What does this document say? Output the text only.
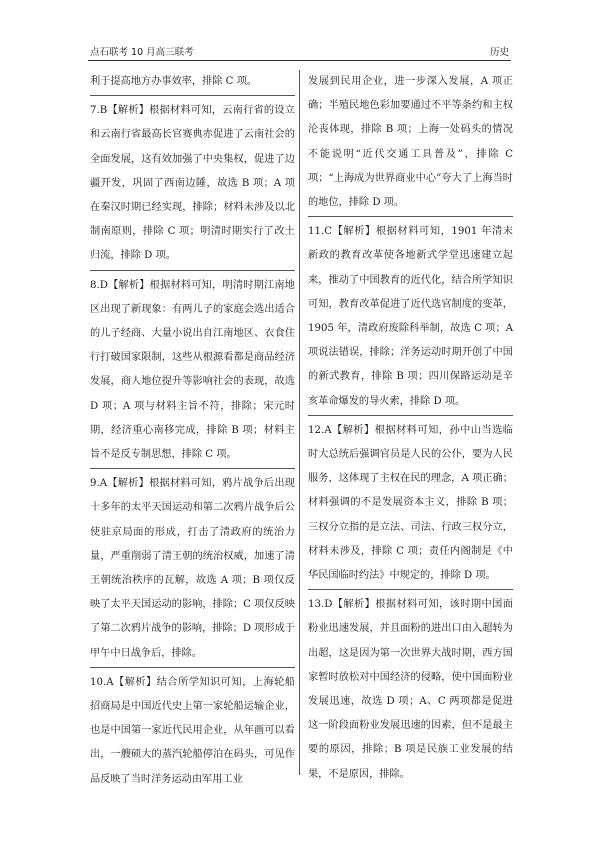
点石联考 10 月高三联考	历史

利于提高地方办事效率，排除 C 项。

7.B【解析】根据材料可知，云南行省的设立和云南行省最高长官赛典赤促进了云南社会的全面发展，这有效加强了中央集权，促进了边疆开发，巩固了西南边陲，故选 B 项；A 项在秦汉时期已经实现，排除；材料未涉及以北制南原则，排除 C 项；明清时期实行了改土归流，排除 D 项。

8.D【解析】根据材料可知，明清时期江南地区出现了新现象：有两儿子的家庭会选出适合的儿子经商、大量小说出自江南地区、衣食住行打破国家限制，这些从根源看都是商品经济发展，商人地位提升等影响社会的表现，故选 D 项；A 项与材料主旨不符，排除；宋元时期，经济重心南移完成，排除 B 项；材料主旨不是反专制思想，排除 C 项。

9.A【解析】根据材料可知，鸦片战争后出现十多年的太平天国运动和第二次鸦片战争后公使驻京局面的形成，打击了清政府的统治力量，严重削弱了清王朝的统治权威，加速了清王朝统治秩序的瓦解，故选 A 项；B 项仅反映了太平天国运动的影响，排除；C 项仅反映了第二次鸦片战争的影响，排除；D 项形成于甲午中日战争后，排除。

10.A【解析】结合所学知识可知，上海轮船招商局是中国近代史上第一家轮船运输企业，也是中国第一家近代民用企业，从年画可以看出，一艘硕大的蒸汽轮船停泊在码头，可见作品反映了当时洋务运动由军用工业

发展到民用企业，进一步深入发展，A 项正确；半殖民地色彩加要通过不平等条约和主权沦丧体现，排除 B 项；上海一处码头的情况不能说明“近代交通工具普及”，排除 C 项；“上海成为世界商业中心”夸大了上海当时的地位，排除 D 项。

11.C【解析】根据材料可知，1901 年清末新政的教育改革使各地新式学堂迅速建立起来，推动了中国教育的近代化，结合所学知识可知，教育改革促进了近代选官制度的变革，1905 年，清政府废除科举制，故选 C 项；A 项说法错误，排除；洋务运动时期开创了中国的新式教育，排除 B 项；四川保路运动是辛亥革命爆发的导火索，排除 D 项。

12.A【解析】根据材料可知，孙中山当选临时大总统后强调官员是人民的公仆，要为人民服务，这体现了主权在民的理念，A 项正确；材料强调的不是发展资本主义，排除 B 项；三权分立指的是立法、司法、行政三权分立，材料未涉及，排除 C 项；责任内阁制是《中华民国临时约法》中规定的，排除 D 项。

13.D【解析】根据材料可知，该时期中国面粉业迅速发展，并且面粉的进出口由入超转为出超，这是因为第一次世界大战时期，西方国家暂时放松对中国经济的侵略，使中国面粉业发展迅速，故选 D 项；A、C 两项都是促进这一阶段面粉业发展迅速的因素，但不是最主要的原因，排除；B 项是民族工业发展的结果，不是原因，排除。
